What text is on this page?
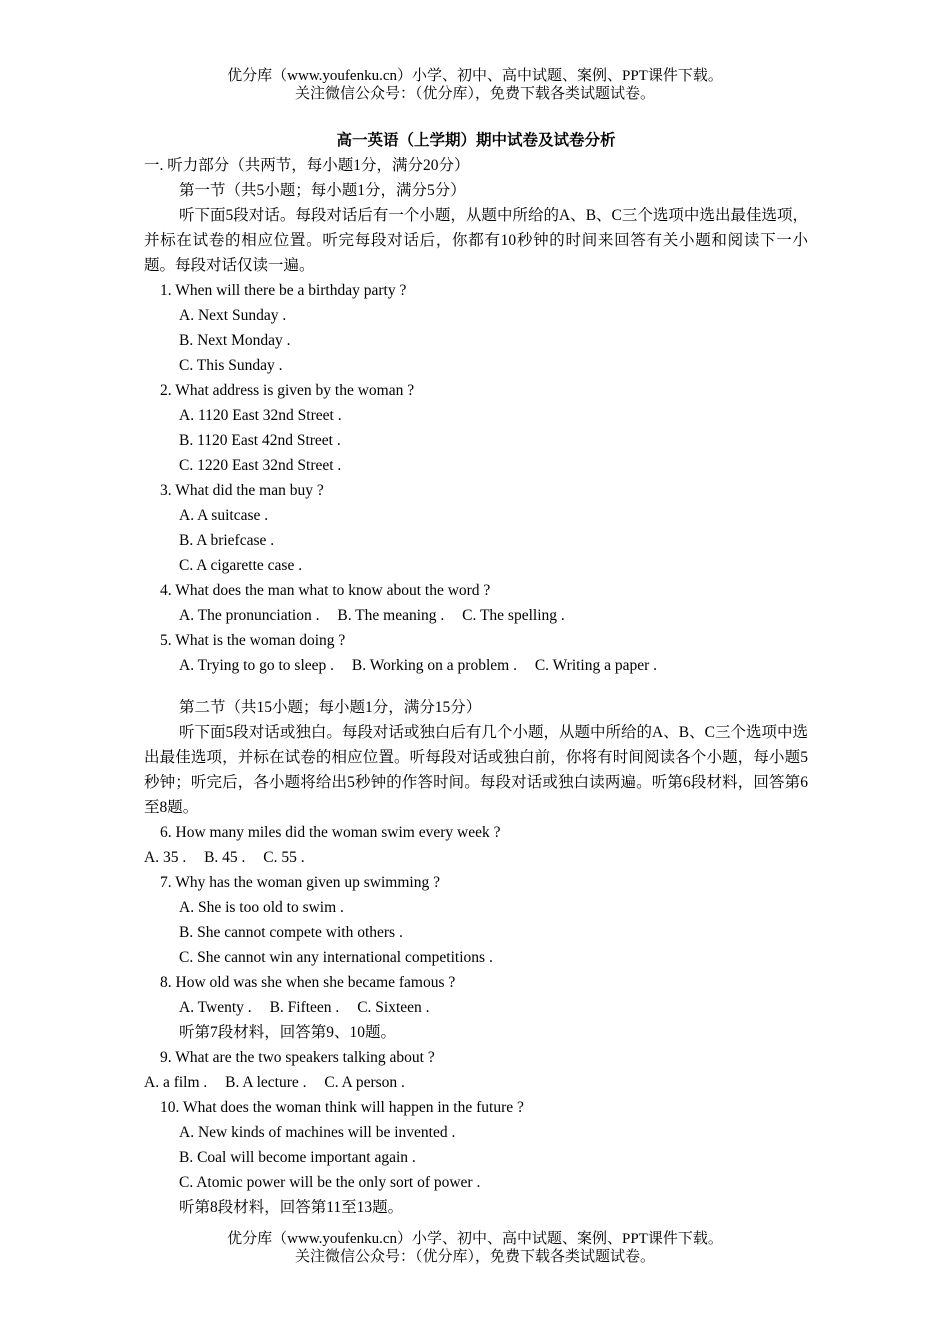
优分库（www.youfenku.cn）小学、初中、高中试题、案例、PPT课件下载。
关注微信公众号：（优分库），免费下载各类试题试卷。
高一英语（上学期）期中试卷及试卷分析
一. 听力部分（共两节，每小题1分，满分20分）
第一节（共5小题；每小题1分，满分5分）
听下面5段对话。每段对话后有一个小题，从题中所给的A、B、C三个选项中选出最佳选项，并标在试卷的相应位置。听完每段对话后，你都有10秒钟的时间来回答有关小题和阅读下一小题。每段对话仅读一遍。
1. When will there be a birthday party ?
A. Next Sunday .
B. Next Monday .
C. This Sunday .
2. What address is given by the woman ?
A. 1120 East 32nd Street .
B. 1120 East 42nd Street .
C. 1220 East 32nd Street .
3. What did the man buy ?
A. A suitcase .
B. A briefcase .
C. A cigarette case .
4. What does the man what to know about the word ?
A. The pronunciation . B. The meaning . C. The spelling .
5. What is the woman doing ?
A. Trying to go to sleep . B. Working on a problem . C. Writing a paper .
第二节（共15小题；每小题1分，满分15分）
听下面5段对话或独白。每段对话或独白后有几个小题，从题中所给的A、B、C三个选项中选出最佳选项，并标在试卷的相应位置。听每段对话或独白前，你将有时间阅读各个小题，每小题5秒钟；听完后，各小题将给出5秒钟的作答时间。每段对话或独白读两遍。听第6段材料，回答第6至8题。
6. How many miles did the woman swim every week ?
A. 35 . B. 45 . C. 55 .
7. Why has the woman given up swimming ?
A. She is too old to swim .
B. She cannot compete with others .
C. She cannot win any international competitions .
8. How old was she when she became famous ?
A. Twenty . B. Fifteen . C. Sixteen .
听第7段材料，回答第9、10题。
9. What are the two speakers talking about ?
A. a film . B. A lecture . C. A person .
10. What does the woman think will happen in the future ?
A. New kinds of machines will be invented .
B. Coal will become important again .
C. Atomic power will be the only sort of power .
听第8段材料，回答第11至13题。
优分库（www.youfenku.cn）小学、初中、高中试题、案例、PPT课件下载。
关注微信公众号：（优分库），免费下载各类试题试卷。
